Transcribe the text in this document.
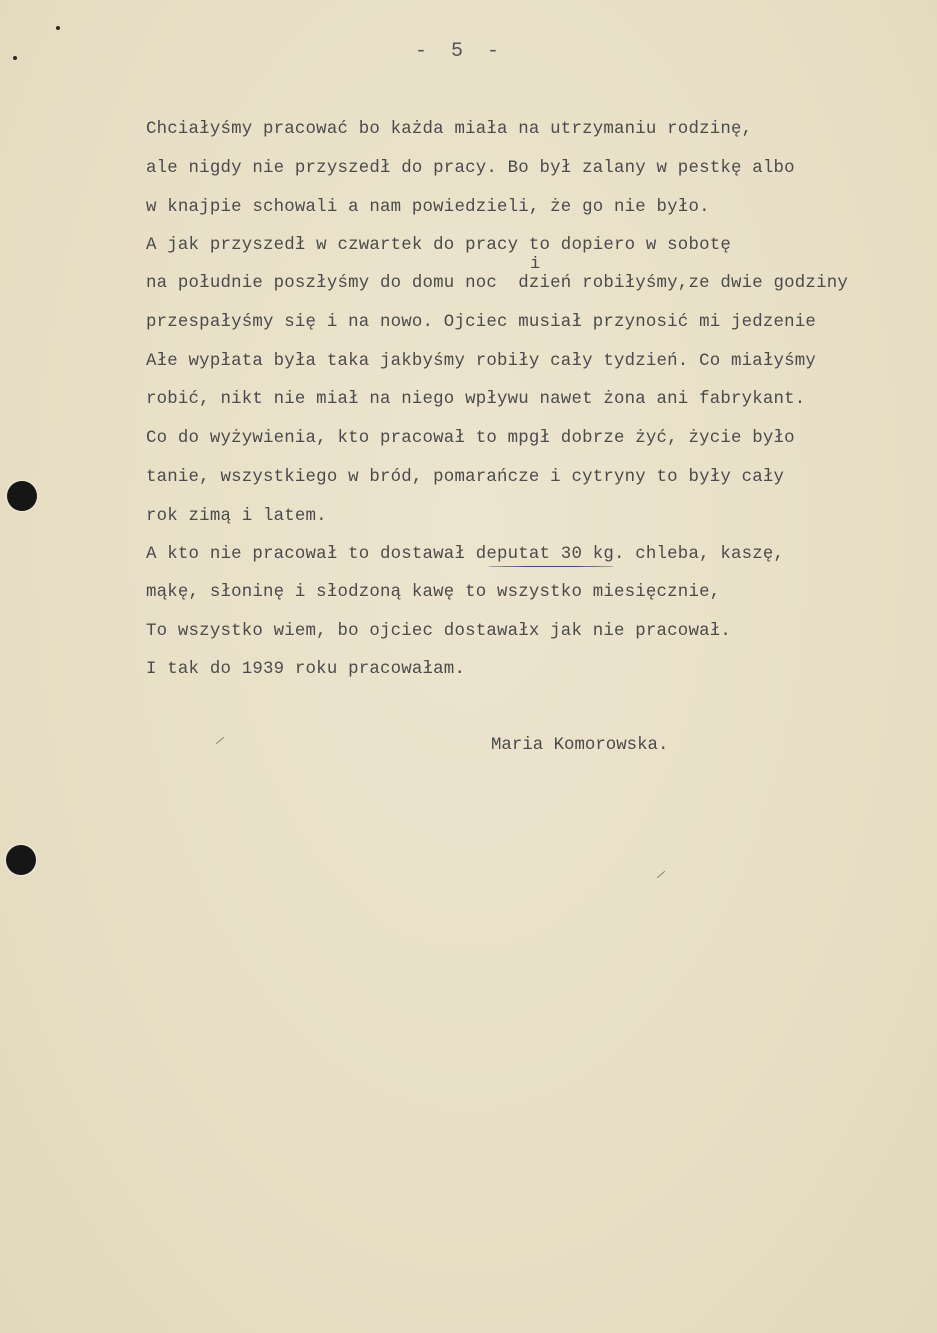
- 5 -
Chciałyśmy pracować bo każda miała na utrzymaniu rodzinę,
ale nigdy nie przyszedł do pracy. Bo był zalany w pestkę albo
w knajpie schowali a nam powiedzieli, że go nie było.
A jak przyszedł w czwartek do pracy to dopiero w sobotę
i
na południe poszłyśmy do domu noc  dzień robiłyśmy,ze dwie godziny
przespałyśmy się i na nowo. Ojciec musiał przynosić mi jedzenie
Ałe wypłata była taka jakbyśmy robiły cały tydzień. Co miałyśmy
robić, nikt nie miał na niego wpływu nawet żona ani fabrykant.
Co do wyżywienia, kto pracował to mpgł dobrze żyć, życie było
tanie, wszystkiego w bród, pomarańcze i cytryny to były cały
rok zimą i latem.
A kto nie pracował to dostawał deputat 30 kg. chleba, kaszę,
mąkę, słoninę i słodzoną kawę to wszystko miesięcznie,
To wszystko wiem, bo ojciec dostawałx jak nie pracował.
I tak do 1939 roku pracowałam.
Maria Komorowska.
